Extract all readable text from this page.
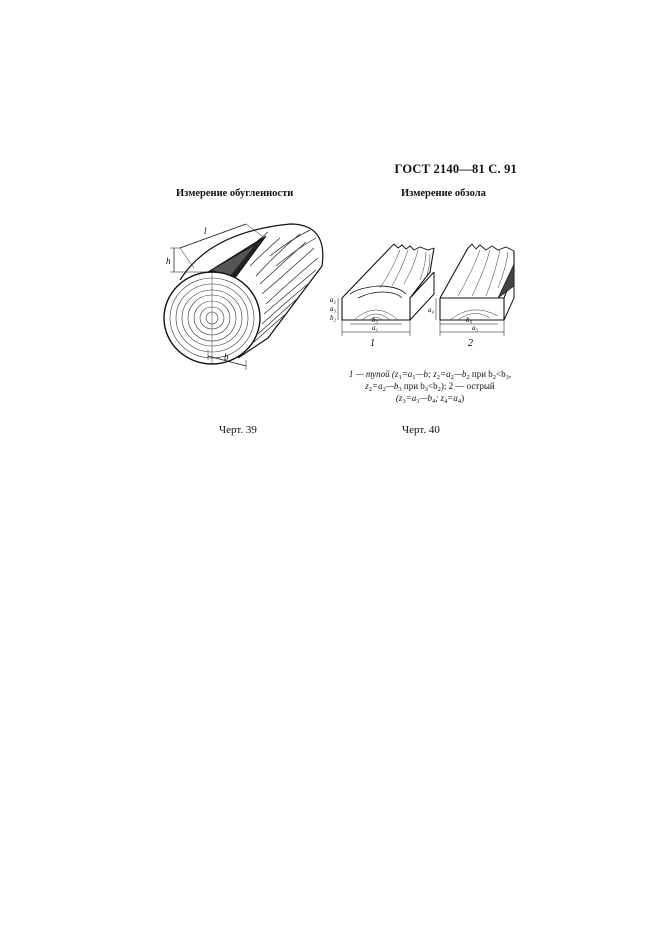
ГОСТ 2140—81 С. 91
Измерение обугленности	Измерение обзола
l
h
b
a₂
a₃
b₂	b₃
a₁
1
a₄
b₄
a₃
2
1 — тупой ($z_1=a_1—b$; $z_2=a_2—b_2$ при $b_2<b_3$,
$z_2=a_2—b_3$ при $b_3<b_2$); 2 — острый
($z_3=a_3—b_4$; $z_4=a_4$)
Черт. 39	Черт. 40
